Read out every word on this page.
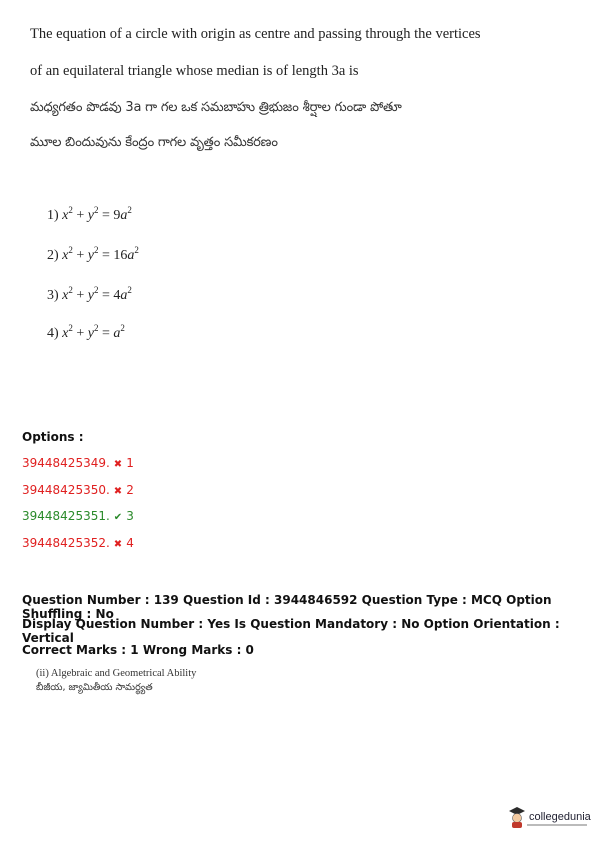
The equation of a circle with origin as centre and passing through the vertices
of an equilateral triangle whose median is of length 3a is
మధ్యగతం పొడవు 3a గా గల ఒక సమబాహు త్రిభుజం శీర్షాల గుండా పోతూ
మూల బిందువును కేంద్రం గాగల వృత్తం సమీకరణం
1) $x^2 + y^2 = 9a^2$
2) $x^2 + y^2 = 16a^2$
3) $x^2 + y^2 = 4a^2$
4) $x^2 + y^2 = a^2$
Options :
39448425349. ✖ 1
39448425350. ✖ 2
39448425351. ✔ 3
39448425352. ✖ 4
Question Number : 139 Question Id : 3944846592 Question Type : MCQ Option Shuffling : No
Display Question Number : Yes Is Question Mandatory : No Option Orientation : Vertical
Correct Marks : 1 Wrong Marks : 0
(ii) Algebraic and Geometrical Ability
బీజీయ, జ్యామితీయ సామర్థ్యత
collegedunia
